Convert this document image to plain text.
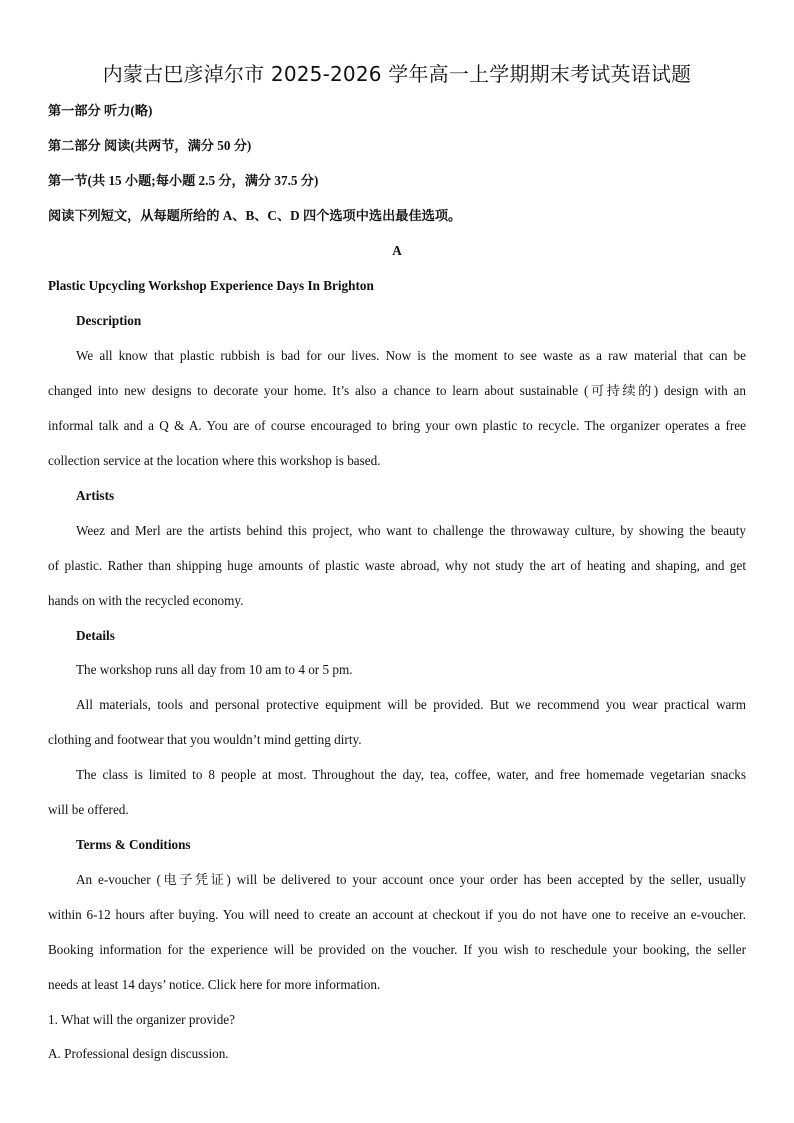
内蒙古巴彦淖尔市 2025-2026 学年高一上学期期末考试英语试题
第一部分 听力(略)
第二部分 阅读(共两节，满分 50 分)
第一节(共 15 小题;每小题 2.5 分，满分 37.5 分)
阅读下列短文，从每题所给的 A、B、C、D 四个选项中选出最佳选项。
A
Plastic Upcycling Workshop Experience Days In Brighton
Description
We all know that plastic rubbish is bad for our lives. Now is the moment to see waste as a raw material that can be
changed into new designs to decorate your home. It’s also a chance to learn about sustainable (可持续的) design with an
informal talk and a Q & A. You are of course encouraged to bring your own plastic to recycle. The organizer operates a free
collection service at the location where this workshop is based.
Artists
Weez and Merl are the artists behind this project, who want to challenge the throwaway culture, by showing the beauty
of plastic. Rather than shipping huge amounts of plastic waste abroad, why not study the art of heating and shaping, and get
hands on with the recycled economy.
Details
The workshop runs all day from 10 am to 4 or 5 pm.
All materials, tools and personal protective equipment will be provided. But we recommend you wear practical warm
clothing and footwear that you wouldn’t mind getting dirty.
The class is limited to 8 people at most. Throughout the day, tea, coffee, water, and free homemade vegetarian snacks
will be offered.
Terms & Conditions
An e-voucher (电子凭证) will be delivered to your account once your order has been accepted by the seller, usually
within 6-12 hours after buying. You will need to create an account at checkout if you do not have one to receive an e-voucher.
Booking information for the experience will be provided on the voucher. If you wish to reschedule your booking, the seller
needs at least 14 days’ notice. Click here for more information.
1. What will the organizer provide?
A. Professional design discussion.
